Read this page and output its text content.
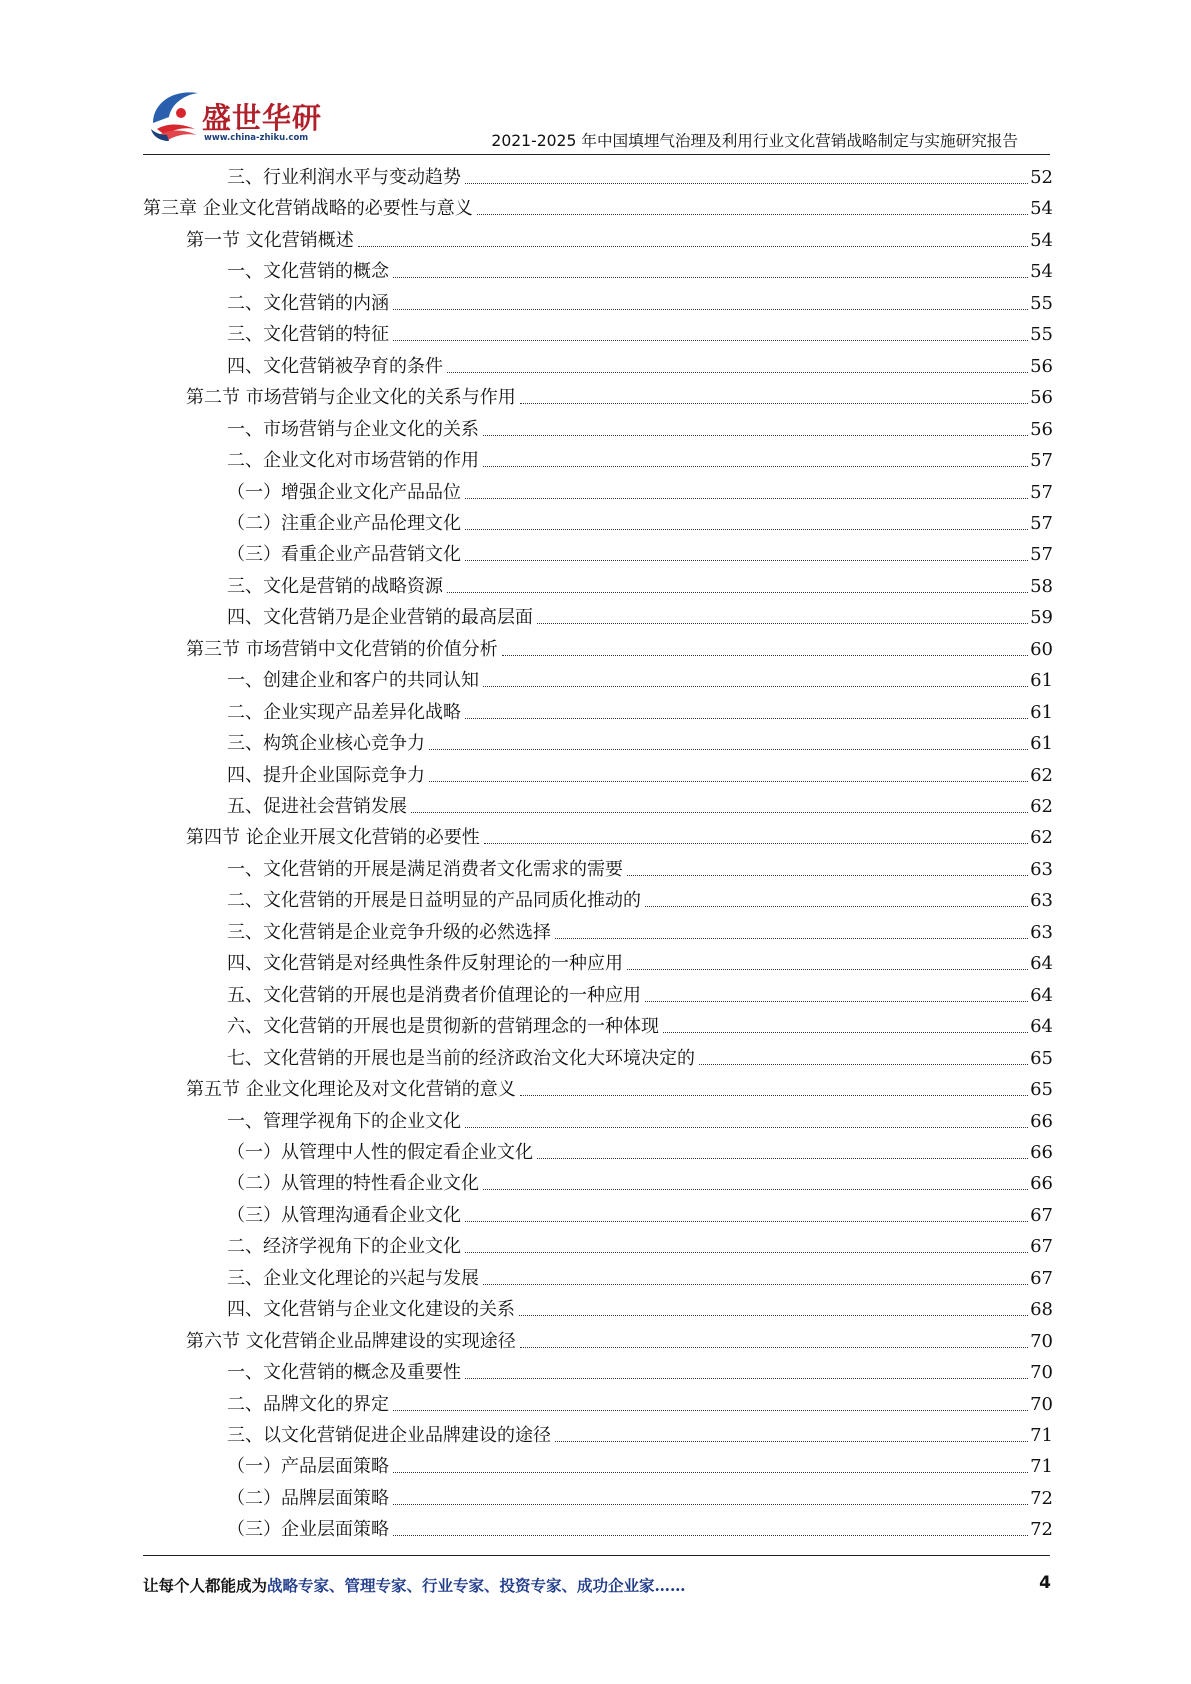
盛世华研
www.china-zhiku.com	2021-2025 年中国填埋气治理及利用行业文化营销战略制定与实施研究报告
三、行业利润水平与变动趋势	52
第三章 企业文化营销战略的必要性与意义	54
第一节 文化营销概述	54
一、文化营销的概念	54
二、文化营销的内涵	55
三、文化营销的特征	55
四、文化营销被孕育的条件	56
第二节 市场营销与企业文化的关系与作用	56
一、市场营销与企业文化的关系	56
二、企业文化对市场营销的作用	57
（一）增强企业文化产品品位	57
（二）注重企业产品伦理文化	57
（三）看重企业产品营销文化	57
三、文化是营销的战略资源	58
四、文化营销乃是企业营销的最高层面	59
第三节 市场营销中文化营销的价值分析	60
一、创建企业和客户的共同认知	61
二、企业实现产品差异化战略	61
三、构筑企业核心竞争力	61
四、提升企业国际竞争力	62
五、促进社会营销发展	62
第四节 论企业开展文化营销的必要性	62
一、文化营销的开展是满足消费者文化需求的需要	63
二、文化营销的开展是日益明显的产品同质化推动的	63
三、文化营销是企业竞争升级的必然选择	63
四、文化营销是对经典性条件反射理论的一种应用	64
五、文化营销的开展也是消费者价值理论的一种应用	64
六、文化营销的开展也是贯彻新的营销理念的一种体现	64
七、文化营销的开展也是当前的经济政治文化大环境决定的	65
第五节 企业文化理论及对文化营销的意义	65
一、管理学视角下的企业文化	66
（一）从管理中人性的假定看企业文化	66
（二）从管理的特性看企业文化	66
（三）从管理沟通看企业文化	67
二、经济学视角下的企业文化	67
三、企业文化理论的兴起与发展	67
四、文化营销与企业文化建设的关系	68
第六节 文化营销企业品牌建设的实现途径	70
一、文化营销的概念及重要性	70
二、品牌文化的界定	70
三、以文化营销促进企业品牌建设的途径	71
（一）产品层面策略	71
（二）品牌层面策略	72
（三）企业层面策略	72
让每个人都能成为战略专家、管理专家、行业专家、投资专家、成功企业家……	4
